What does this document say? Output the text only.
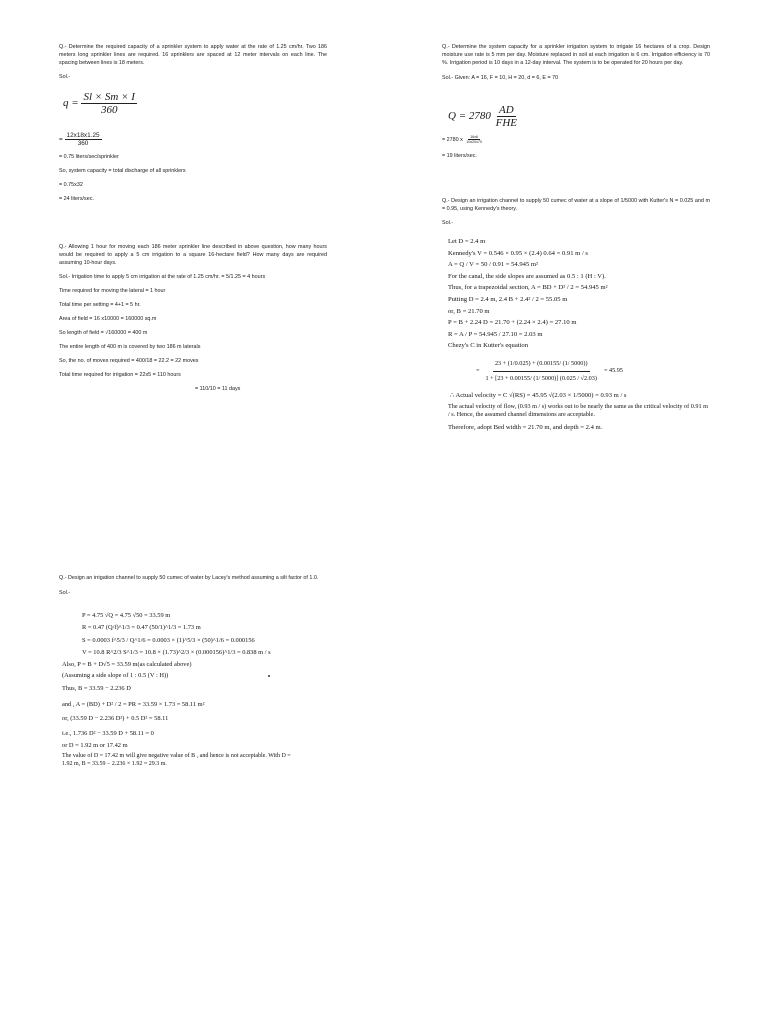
Q.- Determine the required capacity of a sprinkler system to apply water at the rate of 1.25 cm/hr. Two 186 meters long sprinkler lines are required. 16 sprinklers are spaced at 12 meter intervals on each line. The spacing between lines is 18 meters.

Sol.-

$q = \frac{Sl \times Sm \times I}{360}$
= $\frac{12x18x1.25}{360}$

= 0.75 liters/sec/sprinkler

So, system capacity = total discharge of all sprinklers

= 0.75x32

= 24 liters/sec.

Q.- Allowing 1 hour for moving each 186 meter sprinkler line described in above question, how many hours would be required to apply a 5 cm irrigation to a square 16-hectare field? How many days are required assuming 10-hour days.

Sol.- Irrigation time to apply 5 cm irrigation at the rate of 1.25 cm/hr. = 5/1.25 = 4 hours

Time required for moving the lateral = 1 hour

Total time per setting = 4+1 = 5 hr.

Area of field = 16 x10000 = 160000 sq.m

So length of field = √160000 = 400 m

The entire length of 400 m is covered by two 186 m laterals

So, the no. of moves required = 400/18 = 22.2 = 22 moves

Total time required for irrigation = 22x5 = 110 hours

= 110/10 = 11 days

Q.- Determine the system capacity for a sprinkler irrigation system to irrigate 16 hectares of a crop. Design moisture use rate is 5 mm per day. Moisture replaced in soil at each irrigation is 6 cm. Irrigation efficiency is 70 %. Irrigation period is 10 days in a 12-day interval. The system is to be operated for 20 hours per day.

Sol.- Given: A = 16, F = 10, H = 20, d = 6, E = 70

$Q = 2780 \frac{AD}{\text{FHE}}$
= 2780 x $\frac{16x6}{10x20x70}$

= 19 liters/sec.

Q.- Design an irrigation channel to supply 50 cumec of water at a slope of 1/5000 with Kutter's N = 0.025 and m = 0.95, using Kennedy's theory.

Sol.-

Let D = 2.4 m

Kennedy's V = 0.546 × 0.95 × (2.4) 0.64 = 0.91 m / s

A = Q / V = 50 / 0.91 = 54.945 m²

For the canal, the side slopes are assumed as 0.5 : 1 (H : V).

Thus, for a trapezoidal section, A = BD + D² / 2 = 54.945 m²

Putting D = 2.4 m, 2.4 B + 2.4² / 2 = 55.05 m

or, B = 21.70 m

P = B + 2.24 D = 21.70 + (2.24 × 2.4) = 27.10 m

R = A / P = 54.945 / 27.10 = 2.03 m

Chezy's C in Kutter's equation

= $\frac{23 + (1/0.025) + (0.00155/ (1/ 5000))}{1 + [23 + 0.00155/ (1/ 5000)] (0.025 / √2.03)} = 45.95$

∴ Actual velocity = C √(RS) = 45.95 √(2.03 × 1/5000) = 0.93 m / s

The actual velocity of flow, (0.93 m / s) works out to be nearly the same as the critical velocity of 0.91 m / s. Hence, the assumed channel dimensions are acceptable.

Therefore, adopt Bed width = 21.70 m, and depth = 2.4 m.

Q.- Design an irrigation channel to supply 50 cumec of water by Lacey's method assuming a silt factor of 1.0.

Sol.-

P = 4.75 √Q = 4.75 √50 = 33.59 m

R = 0.47 (Q/f)^1/3 = 0.47 (50/1)^1/3 = 1.73 m

S = 0.0003 f^5/3 / Q^1/6 = 0.0003 × (1)^5/3 × (50)^1/6 = 0.000156

V = 10.8 R^2/3 S^1/3 = 10.8 × (1.73)^2/3 × (0.000156)^1/3 = 0.838 m / s

Also, P = B + D√5 = 33.59 m(as calculated above)

(Assuming a side slope of 1 : 0.5 (V : H))

Thus, B = 33.59 − 2.236 D

and , A = (BD) + D² / 2 = PR = 33.59 × 1.73 = 58.11 m²

or, (33.59 D − 2.236 D²) + 0.5 D² = 58.11

i.e., 1.736 D² − 33.59 D + 58.11 = 0

or D = 1.92 m or 17.42 m

The value of D = 17.42 m will give negative value of B , and hence is not acceptable. With D = 1.92 m, B = 33.59 − 2.236 × 1.92 = 29.3 m.
